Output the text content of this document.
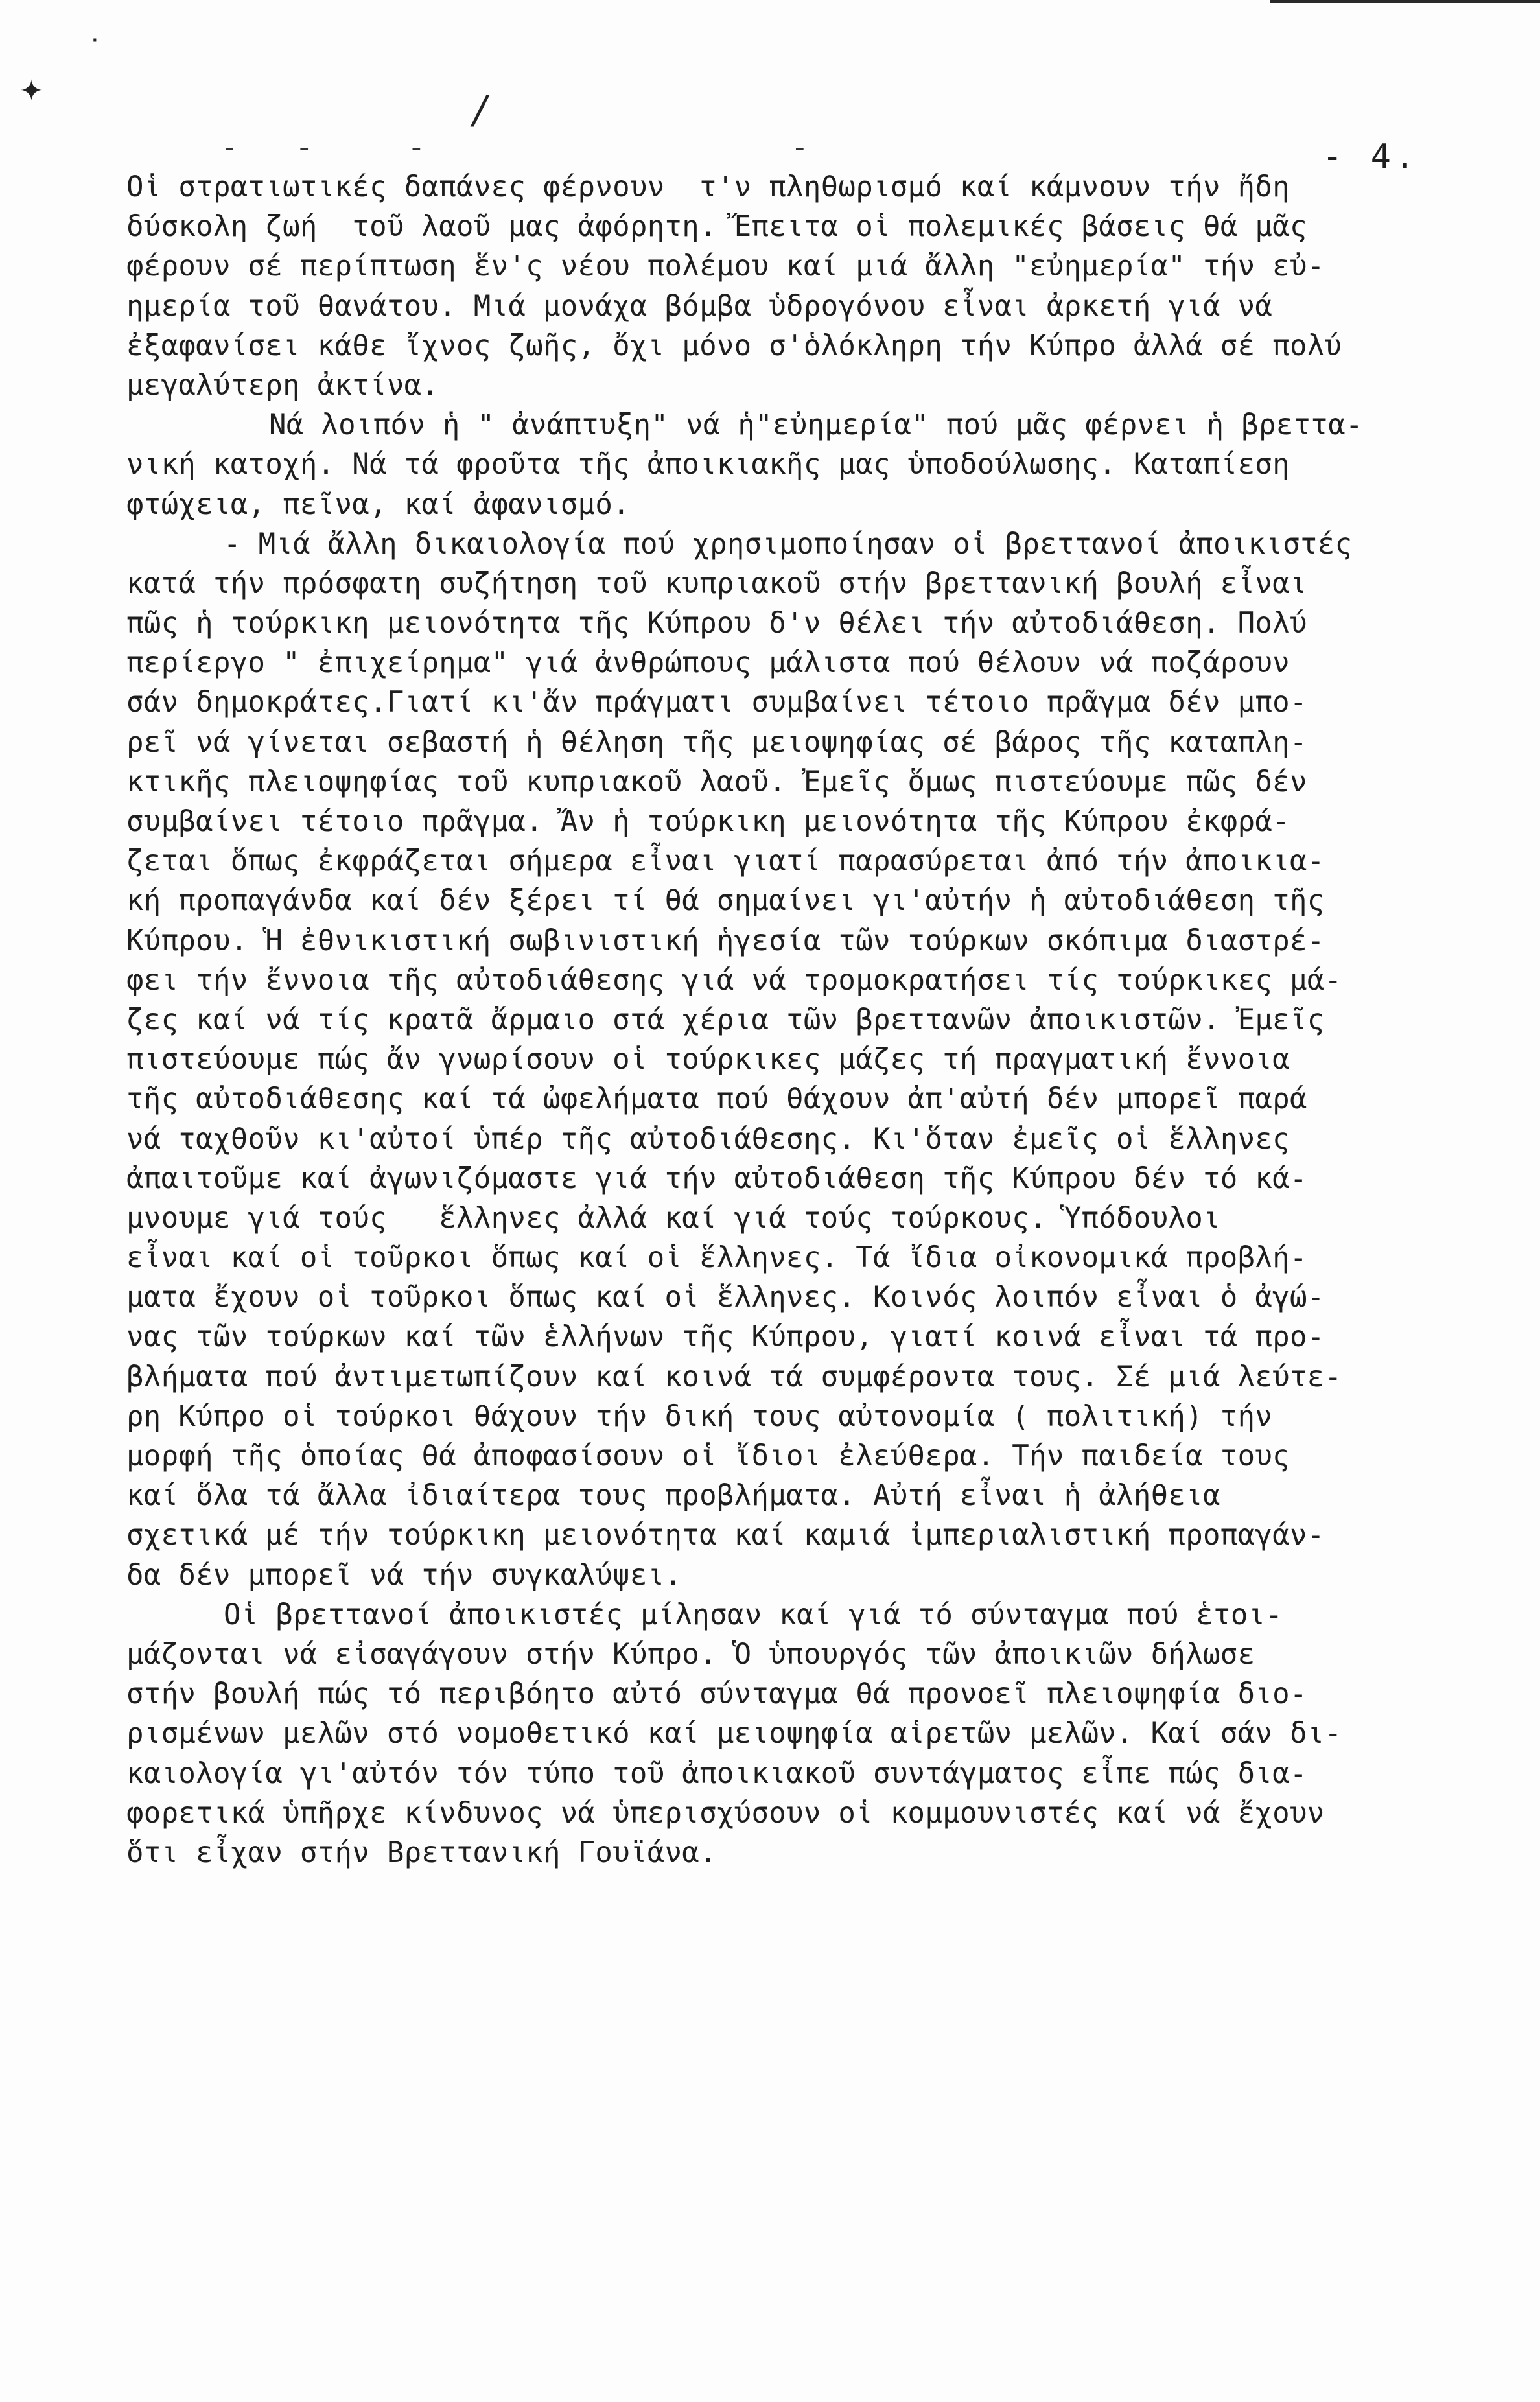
·
✦	/
- -  -	-	- 4.
Οἱ στρατιωτικές δαπάνες φέρνουν  τ'ν πληθωρισμό καί κάμνουν τήν ἤδη
δύσκολη ζωή  τοῦ λαοῦ μας ἀφόρητη. Ἔπειτα οἱ πολεμικές βάσεις θά μᾶς
φέρουν σέ περίπτωση ἕν'ς νέου πολέμου καί μιά ἄλλη "εὐημερία" τήν εὐ-
ημερία τοῦ θανάτου. Μιά μονάχα βόμβα ὑδρογόνου εἶναι ἀρκετή γιά νά
ἐξαφανίσει κάθε ἴχνος ζωῆς, ὄχι μόνο σ'ὁλόκληρη τήν Κύπρο ἀλλά σέ πολύ
μεγαλύτερη ἀκτίνα.
Νά λοιπόν ἡ " ἀνάπτυξη" νά ἡ"εὐημερία" πού μᾶς φέρνει ἡ βρεττα-
νική κατοχή. Νά τά φροῦτα τῆς ἀποικιακῆς μας ὑποδούλωσης. Καταπίεση
φτώχεια, πεῖνα, καί ἀφανισμό.
- Μιά ἄλλη δικαιολογία πού χρησιμοποίησαν οἱ βρεττανοί ἀποικιστές
κατά τήν πρόσφατη συζήτηση τοῦ κυπριακοῦ στήν βρεττανική βουλή εἶναι
πῶς ἡ τούρκικη μειονότητα τῆς Κύπρου δ'ν θέλει τήν αὐτοδιάθεση. Πολύ
περίεργο " ἐπιχείρημα" γιά ἀνθρώπους μάλιστα πού θέλουν νά ποζάρουν
σάν δημοκράτες.Γιατί κι'ἄν πράγματι συμβαίνει τέτοιο πρᾶγμα δέν μπο-
ρεῖ νά γίνεται σεβαστή ἡ θέληση τῆς μειοψηφίας σέ βάρος τῆς καταπλη-
κτικῆς πλειοψηφίας τοῦ κυπριακοῦ λαοῦ. Ἐμεῖς ὅμως πιστεύουμε πῶς δέν
συμβαίνει τέτοιο πρᾶγμα. Ἄν ἡ τούρκικη μειονότητα τῆς Κύπρου ἐκφρά-
ζεται ὅπως ἐκφράζεται σήμερα εἶναι γιατί παρασύρεται ἀπό τήν ἀποικια-
κή προπαγάνδα καί δέν ξέρει τί θά σημαίνει γι'αὐτήν ἡ αὐτοδιάθεση τῆς
Κύπρου. Ἡ ἐθνικιστική σωβινιστική ἡγεσία τῶν τούρκων σκόπιμα διαστρέ-
φει τήν ἔννοια τῆς αὐτοδιάθεσης γιά νά τρομοκρατήσει τίς τούρκικες μά-
ζες καί νά τίς κρατᾶ ἄρμαιο στά χέρια τῶν βρεττανῶν ἀποικιστῶν. Ἐμεῖς
πιστεύουμε πώς ἄν γνωρίσουν οἱ τούρκικες μάζες τή πραγματική ἔννοια
τῆς αὐτοδιάθεσης καί τά ὠφελήματα πού θάχουν ἀπ'αὐτή δέν μπορεῖ παρά
νά ταχθοῦν κι'αὐτοί ὑπέρ τῆς αὐτοδιάθεσης. Κι'ὅταν ἐμεῖς οἱ ἕλληνες
ἀπαιτοῦμε καί ἀγωνιζόμαστε γιά τήν αὐτοδιάθεση τῆς Κύπρου δέν τό κά-
μνουμε γιά τούς   ἕλληνες ἀλλά καί γιά τούς τούρκους. Ὑπόδουλοι
εἶναι καί οἱ τοῦρκοι ὅπως καί οἱ ἕλληνες. Τά ἴδια οἰκονομικά προβλή-
ματα ἔχουν οἱ τοῦρκοι ὅπως καί οἱ ἕλληνες. Κοινός λοιπόν εἶναι ὁ ἀγώ-
νας τῶν τούρκων καί τῶν ἑλλήνων τῆς Κύπρου, γιατί κοινά εἶναι τά προ-
βλήματα πού ἀντιμετωπίζουν καί κοινά τά συμφέροντα τους. Σέ μιά λεύτε-
ρη Κύπρο οἱ τούρκοι θάχουν τήν δική τους αὐτονομία ( πολιτική) τήν
μορφή τῆς ὁποίας θά ἀποφασίσουν οἱ ἴδιοι ἐλεύθερα. Τήν παιδεία τους
καί ὅλα τά ἄλλα ἰδιαίτερα τους προβλήματα. Αὐτή εἶναι ἡ ἀλήθεια
σχετικά μέ τήν τούρκικη μειονότητα καί καμιά ἰμπεριαλιστική προπαγάν-
δα δέν μπορεῖ νά τήν συγκαλύψει.
Οἱ βρεττανοί ἀποικιστές μίλησαν καί γιά τό σύνταγμα πού ἑτοι-
μάζονται νά εἰσαγάγουν στήν Κύπρο. Ὁ ὑπουργός τῶν ἀποικιῶν δήλωσε
στήν βουλή πώς τό περιβόητο αὐτό σύνταγμα θά προνοεῖ πλειοψηφία διο-
ρισμένων μελῶν στό νομοθετικό καί μειοψηφία αἱρετῶν μελῶν. Καί σάν δι-
καιολογία γι'αὐτόν τόν τύπο τοῦ ἀποικιακοῦ συντάγματος εἶπε πώς δια-
φορετικά ὑπῆρχε κίνδυνος νά ὑπερισχύσουν οἱ κομμουνιστές καί νά ἔχουν
ὅτι εἶχαν στήν Βρεττανική Γουϊάνα.
